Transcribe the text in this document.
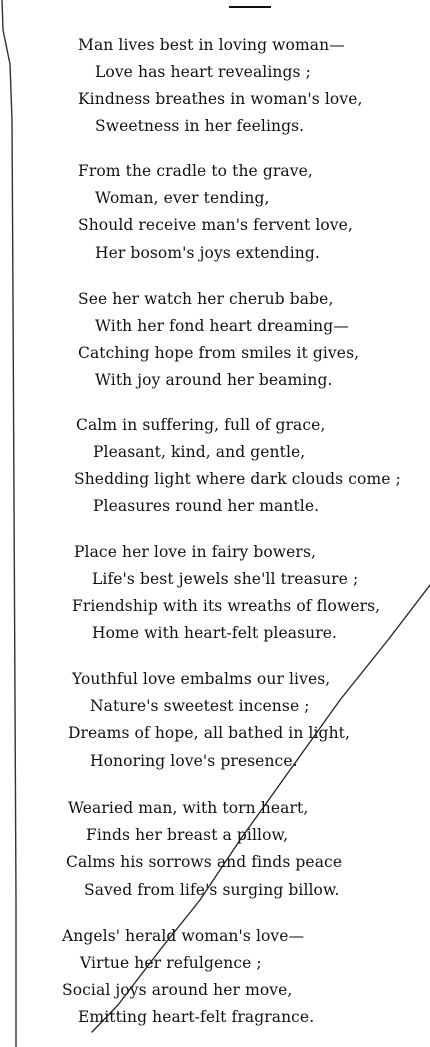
Man lives best in loving woman—
Love has heart revealings ;
Kindness breathes in woman's love,
Sweetness in her feelings.
From the cradle to the grave,
Woman, ever tending,
Should receive man's fervent love,
Her bosom's joys extending.
See her watch her cherub babe,
With her fond heart dreaming—
Catching hope from smiles it gives,
With joy around her beaming.
Calm in suffering, full of grace,
Pleasant, kind, and gentle,
Shedding light where dark clouds come ;
Pleasures round her mantle.
Place her love in fairy bowers,
Life's best jewels she'll treasure ;
Friendship with its wreaths of flowers,
Home with heart-felt pleasure.
Youthful love embalms our lives,
Nature's sweetest incense ;
Dreams of hope, all bathed in light,
Honoring love's presence.
Wearied man, with torn heart,
Finds her breast a pillow,
Calms his sorrows and finds peace
Saved from life's surging billow.
Angels' herald woman's love—
Virtue her refulgence ;
Social joys around her move,
Emitting heart-felt fragrance.
